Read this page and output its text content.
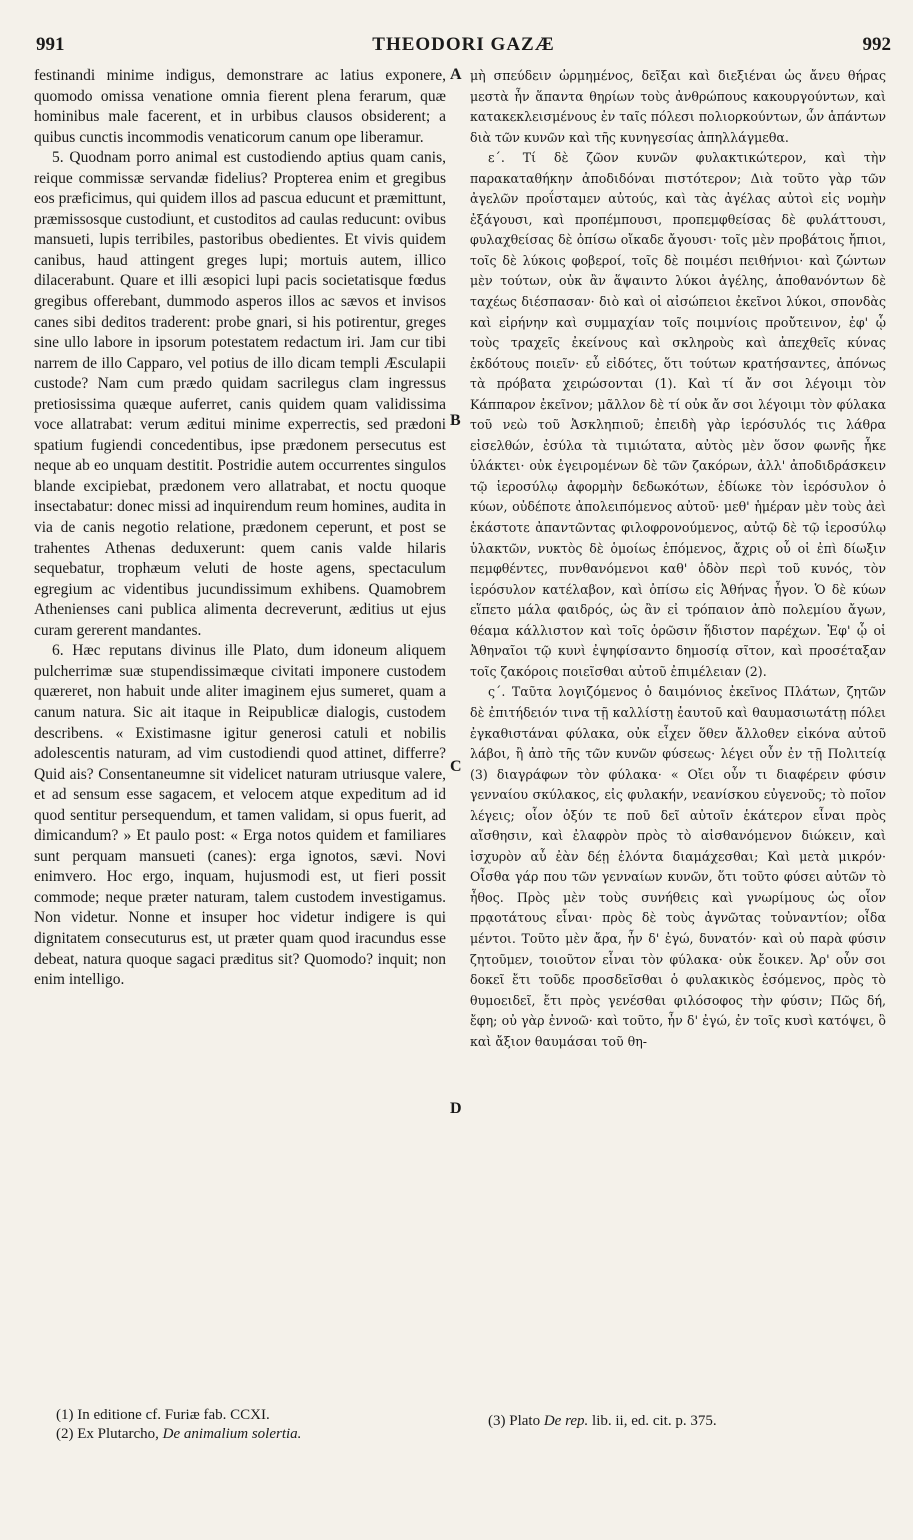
991	THEODORI GAZÆ	992

festinandi minime indigus, demonstrare ac latius exponere, quomodo omissa venatione omnia fierent plena ferarum, quæ hominibus male facerent, et in urbibus clausos obsiderent; a quibus cunctis incommodis venaticorum canum ope liberamur.

5. Quodnam porro animal est custodiendo aptius quam canis, reique commissæ servandæ fidelius? Propterea enim et gregibus eos præficimus, qui quidem illos ad pascua educunt et præmittunt, præmissosque custodiunt, et custoditos ad caulas reducunt: ovibus mansueti, lupis terribiles, pastoribus obedientes. Et vivis quidem canibus, haud attingent greges lupi; mortuis autem, illico dilacerabunt. Quare et illi æsopici lupi pacis societatisque fœdus gregibus offerebant, dummodo asperos illos ac sævos et invisos canes sibi deditos traderent: probe gnari, si his potirentur, greges sine ullo labore in ipsorum potestatem redactum iri. Jam cur tibi narrem de illo Capparo, vel potius de illo dicam templi Æsculapii custode? Nam cum prædo quidam sacrilegus clam ingressus pretiosissima quæque auferret, canis quidem quam validissima voce allatrabat: verum æditui minime experrectis, sed prædoni spatium fugiendi concedentibus, ipse prædonem persecutus est neque ab eo unquam destitit. Postridie autem occurrentes singulos blande excipiebat, prædonem vero allatrabat, et noctu quoque insectabatur: donec missi ad inquirendum reum homines, audita in via de canis negotio relatione, prædonem ceperunt, et post se trahentes Athenas deduxerunt: quem canis valde hilaris sequebatur, trophæum veluti de hoste agens, spectaculum egregium ac videntibus jucundissimum exhibens. Quamobrem Athenienses cani publica alimenta decreverunt, æditius ut ejus curam gererent mandantes.

6. Hæc reputans divinus ille Plato, dum idoneum aliquem pulcherrimæ suæ stupendissimæque civitati imponere custodem quæreret, non habuit unde aliter imaginem ejus sumeret, quam a canum natura. Sic ait itaque in Reipublicæ dialogis, custodem describens. « Existimasne igitur generosi catuli et nobilis adolescentis naturam, ad vim custodiendi quod attinet, differre? Quid ais? Consentaneumne sit videlicet naturam utriusque valere, et ad sensum esse sagacem, et velocem atque expeditum ad id quod sentitur persequendum, et tamen validam, si opus fuerit, ad dimicandum? » Et paulo post: « Erga notos quidem et familiares sunt perquam mansueti (canes): erga ignotos, sævi. Novi enimvero. Hoc ergo, inquam, hujusmodi est, ut fieri possit commode; neque præter naturam, talem custodem investigamus. Non videtur. Nonne et insuper hoc videtur indigere is qui dignitatem consecuturus est, ut præter quam quod iracundus esse debeat, natura quoque sagaci præditus sit? Quomodo? inquit; non enim intelligo.

A
B
C
D

μὴ σπεύδειν ὡρμημένος, δεῖξαι καὶ διεξιέναι ὡς ἄνευ θήρας μεστὰ ἦν ἅπαντα θηρίων τοὺς ἀνθρώπους κακουργούντων, καὶ κατακεκλεισμένους ἐν ταῖς πόλεσι πολιορκούντων, ὧν ἁπάντων διὰ τῶν κυνῶν καὶ τῆς κυνηγεσίας ἀπηλλάγμεθα.

ε΄. Τί δὲ ζῶον κυνῶν φυλακτικώτερον, καὶ τὴν παρακαταθήκην ἀποδιδόναι πιστότερον; Διὰ τοῦτο γὰρ τῶν ἀγελῶν προΐσταμεν αὐτούς, καὶ τὰς ἀγέλας αὐτοὶ εἰς νομὴν ἐξάγουσι, καὶ προπέμπουσι, προπεμφθείσας δὲ φυλάττουσι, φυλαχθείσας δὲ ὀπίσω οἴκαδε ἄγουσι· τοῖς μὲν προβάτοις ἤπιοι, τοῖς δὲ λύκοις φοβεροί, τοῖς δὲ ποιμέσι πειθήνιοι· καὶ ζώντων μὲν τούτων, οὐκ ἂν ἅψαιντο λύκοι ἀγέλης, ἀποθανόντων δὲ ταχέως διέσπασαν· διὸ καὶ οἱ αἰσώπειοι ἐκεῖνοι λύκοι, σπονδὰς καὶ εἰρήνην καὶ συμμαχίαν τοῖς ποιμνίοις προὔτεινον, ἐφ' ᾧ τοὺς τραχεῖς ἐκείνους καὶ σκληροὺς καὶ ἀπεχθεῖς κύνας ἐκδότους ποιεῖν· εὖ εἰδότες, ὅτι τούτων κρατήσαντες, ἀπόνως τὰ πρόβατα χειρώσονται (1). Καὶ τί ἄν σοι λέγοιμι τὸν Κάππαρον ἐκεῖνον; μᾶλλον δὲ τί οὐκ ἄν σοι λέγοιμι τὸν φύλακα τοῦ νεὼ τοῦ Ἀσκληπιοῦ; ἐπειδὴ γὰρ ἱερόσυλός τις λάθρα εἰσελθών, ἐσύλα τὰ τιμιώτατα, αὐτὸς μὲν ὅσον φωνῆς ἧκε ὑλάκτει· οὐκ ἐγειρομένων δὲ τῶν ζακόρων, ἀλλ' ἀποδιδράσκειν τῷ ἱεροσύλῳ ἀφορμὴν δεδωκότων, ἐδίωκε τὸν ἱερόσυλον ὁ κύων, οὐδέποτε ἀπολειπόμενος αὐτοῦ· μεθ' ἡμέραν μὲν τοὺς ἀεὶ ἑκάστοτε ἀπαντῶντας φιλοφρονούμενος, αὐτῷ δὲ τῷ ἱεροσύλῳ ὑλακτῶν, νυκτὸς δὲ ὁμοίως ἑπόμενος, ἄχρις οὗ οἱ ἐπὶ δίωξιν πεμφθέντες, πυνθανόμενοι καθ' ὁδὸν περὶ τοῦ κυνός, τὸν ἱερόσυλον κατέλαβον, καὶ ὀπίσω εἰς Ἀθήνας ἦγον. Ὁ δὲ κύων εἵπετο μάλα φαιδρός, ὡς ἂν εἰ τρόπαιον ἀπὸ πολεμίου ἄγων, θέαμα κάλλιστον καὶ τοῖς ὁρῶσιν ἥδιστον παρέχων. Ἐφ' ᾧ οἱ Ἀθηναῖοι τῷ κυνὶ ἐψηφίσαντο δημοσίᾳ σῖτον, καὶ προσέταξαν τοῖς ζακόροις ποιεῖσθαι αὐτοῦ ἐπιμέλειαν (2).

ς΄. Ταῦτα λογιζόμενος ὁ δαιμόνιος ἐκεῖνος Πλάτων, ζητῶν δὲ ἐπιτήδειόν τινα τῇ καλλίστῃ ἑαυτοῦ καὶ θαυμασιωτάτῃ πόλει ἐγκαθιστάναι φύλακα, οὐκ εἶχεν ὅθεν ἄλλοθεν εἰκόνα αὐτοῦ λάβοι, ἢ ἀπὸ τῆς τῶν κυνῶν φύσεως· λέγει οὖν ἐν τῇ Πολιτείᾳ (3) διαγράφων τὸν φύλακα· « Οἴει οὖν τι διαφέρειν φύσιν γενναίου σκύλακος, εἰς φυλακήν, νεανίσκου εὐγενοῦς; τὸ ποῖον λέγεις; οἷον ὀξύν τε ποῦ δεῖ αὐτοῖν ἑκάτερον εἶναι πρὸς αἴσθησιν, καὶ ἐλαφρὸν πρὸς τὸ αἰσθανόμενον διώκειν, καὶ ἰσχυρὸν αὖ ἐὰν δέῃ ἑλόντα διαμάχεσθαι; Καὶ μετὰ μικρόν· Οἶσθα γάρ που τῶν γενναίων κυνῶν, ὅτι τοῦτο φύσει αὐτῶν τὸ ἦθος. Πρὸς μὲν τοὺς συνήθεις καὶ γνωρίμους ὡς οἷον πρᾳοτάτους εἶναι· πρὸς δὲ τοὺς ἀγνῶτας τοὐναντίον; οἶδα μέντοι. Τοῦτο μὲν ἄρα, ἦν δ' ἐγώ, δυνατόν· καὶ οὐ παρὰ φύσιν ζητοῦμεν, τοιοῦτον εἶναι τὸν φύλακα· οὐκ ἔοικεν. Ἀρ' οὖν σοι δοκεῖ ἔτι τοῦδε προσδεῖσθαι ὁ φυλακικὸς ἐσόμενος, πρὸς τὸ θυμοειδεῖ, ἔτι πρὸς γενέσθαι φιλόσοφος τὴν φύσιν; Πῶς δή, ἔφη; οὐ γὰρ ἐννοῶ· καὶ τοῦτο, ἦν δ' ἐγώ, ἐν τοῖς κυσὶ κατόψει, ὃ καὶ ἄξιον θαυμάσαι τοῦ θη-

(1) In editione cf. Furiæ fab. CCXI.
(2) Ex Plutarcho, De animalium solertia.
(3) Plato De rep. lib. ii, ed. cit. p. 375.
